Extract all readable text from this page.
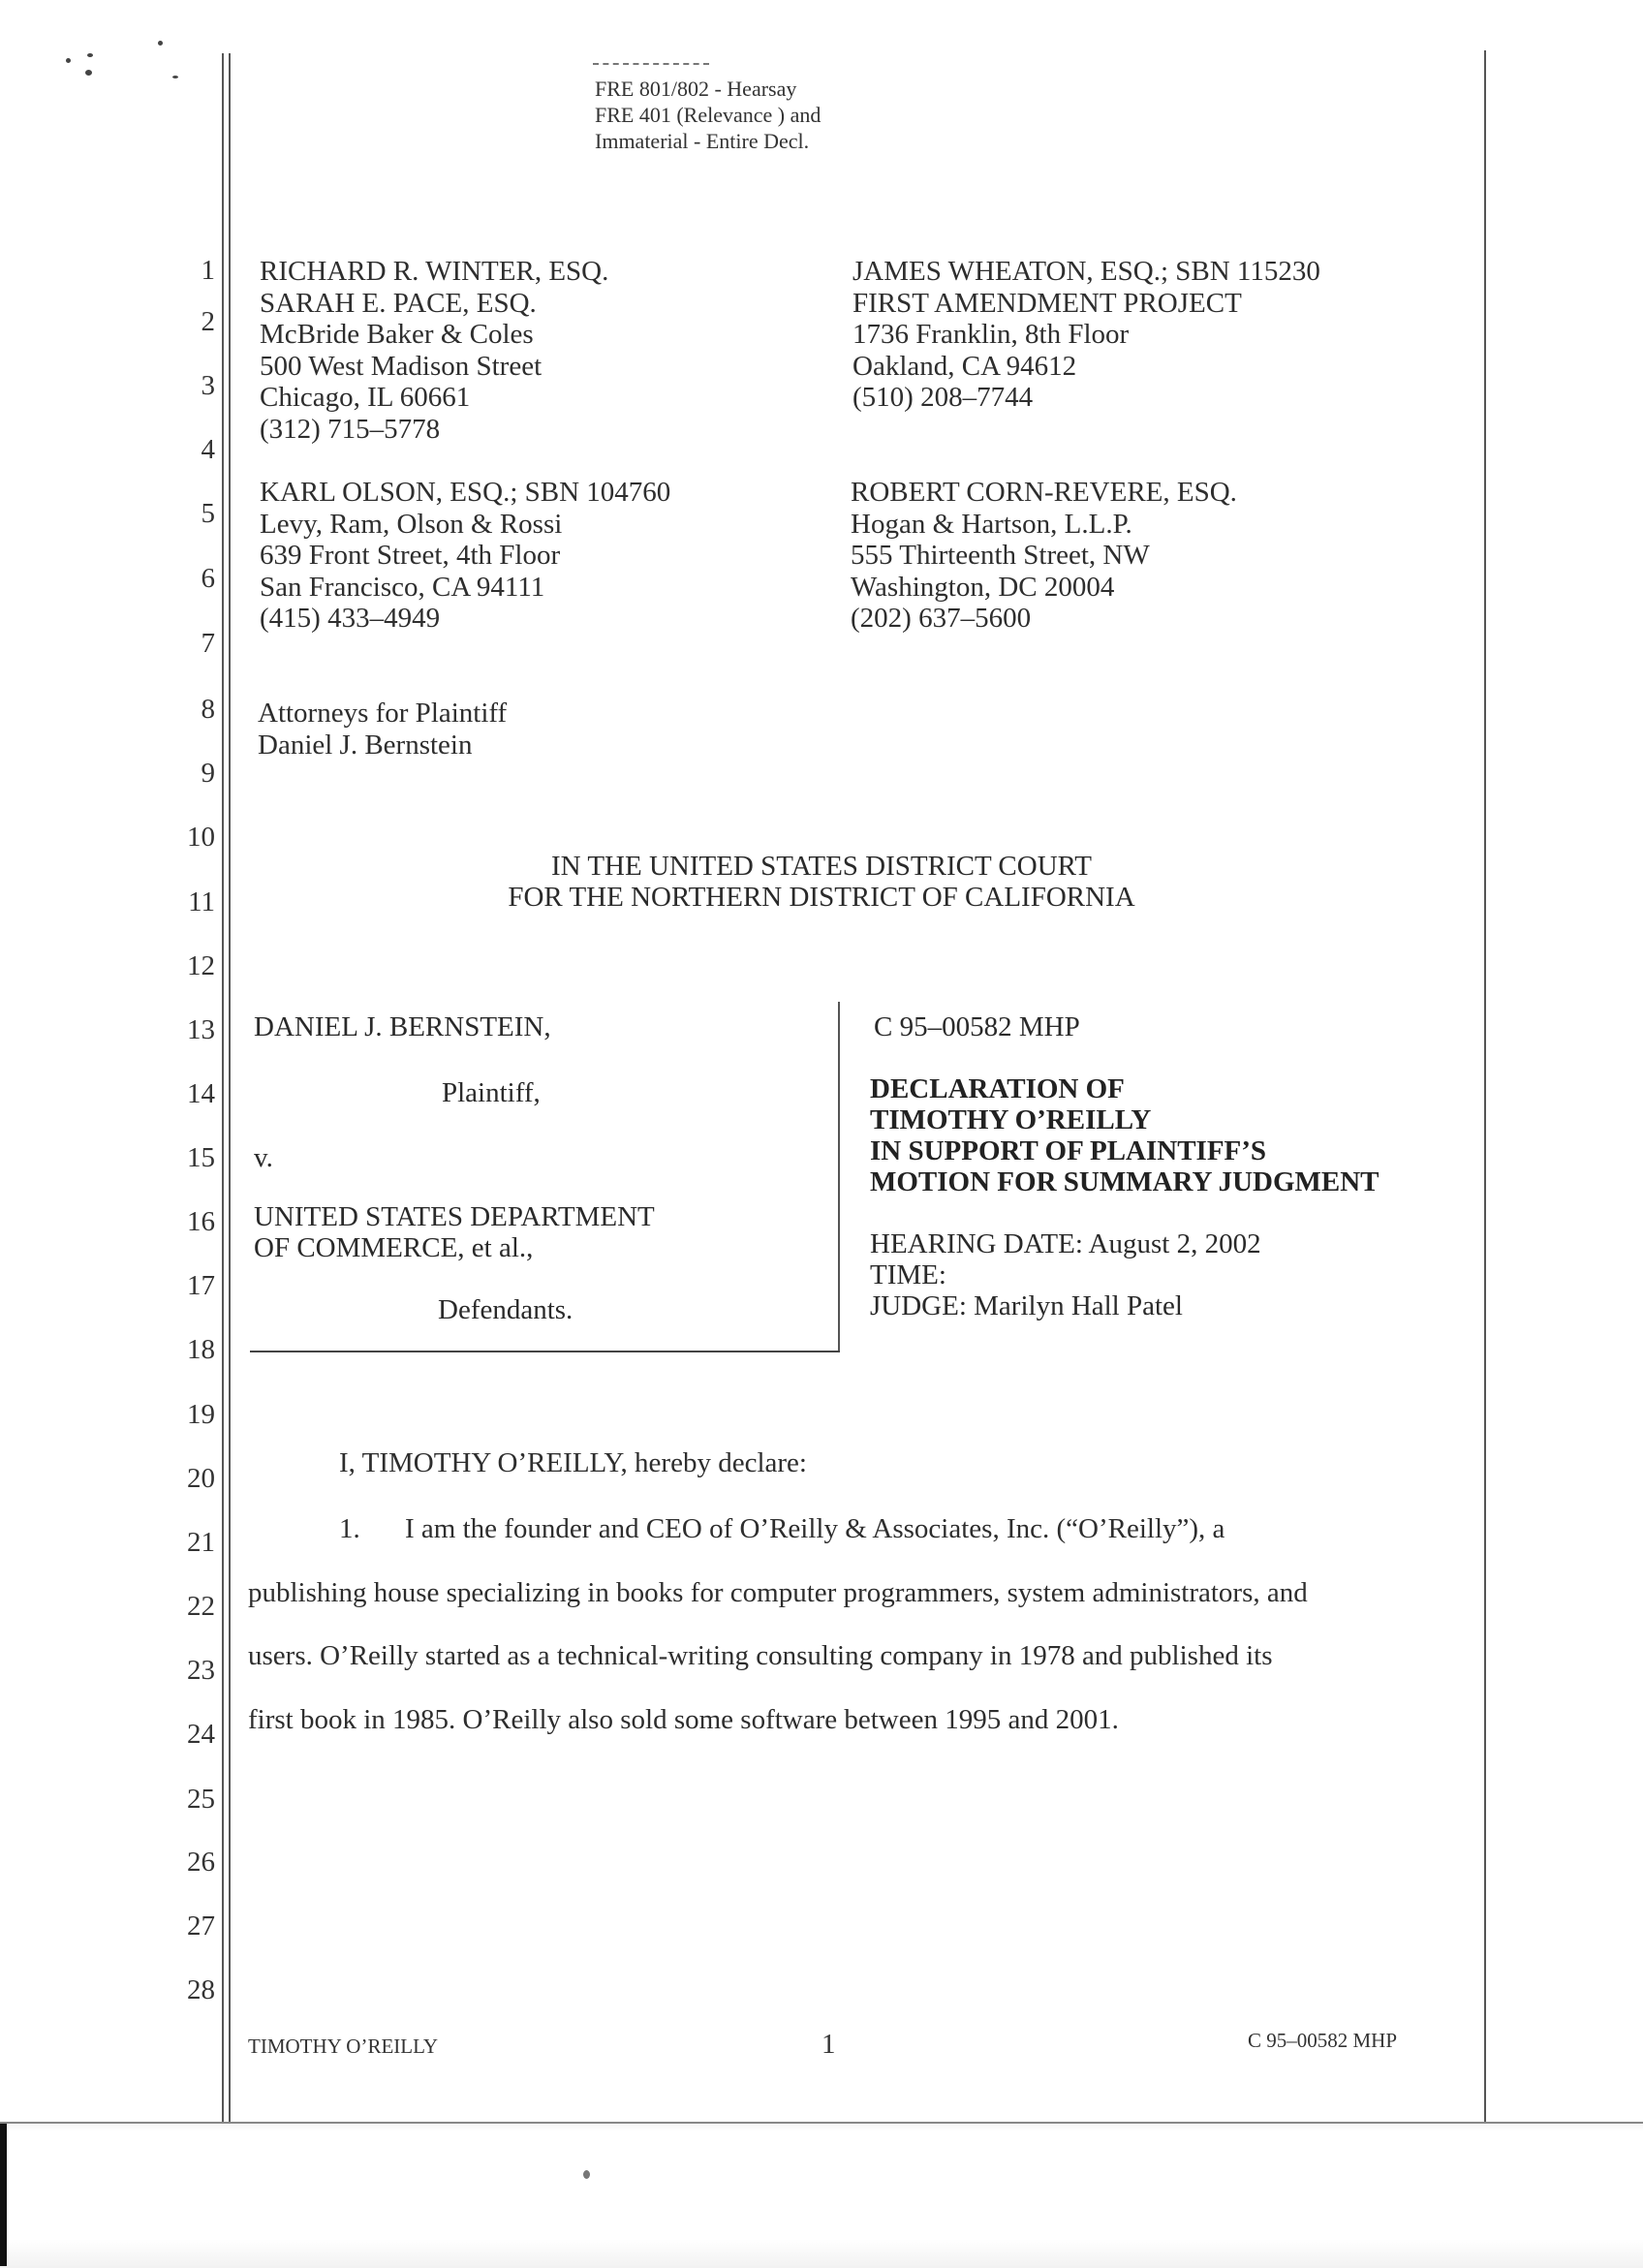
FRE 801/802 - Hearsay
FRE 401 (Relevance ) and
Immaterial - Entire Decl.
1
2
3
4
5
6
7
8
9
10
11
12
13
14
15
16
17
18
19
20
21
22
23
24
25
26
27
28
RICHARD R. WINTER, ESQ.
SARAH E. PACE, ESQ.
McBride Baker & Coles
500 West Madison Street
Chicago, IL 60661
(312) 715–5778
JAMES WHEATON, ESQ.; SBN 115230
FIRST AMENDMENT PROJECT
1736 Franklin, 8th Floor
Oakland, CA 94612
(510) 208–7744
KARL OLSON, ESQ.; SBN 104760
Levy, Ram, Olson & Rossi
639 Front Street, 4th Floor
San Francisco, CA 94111
(415) 433–4949
ROBERT CORN-REVERE, ESQ.
Hogan & Hartson, L.L.P.
555 Thirteenth Street, NW
Washington, DC 20004
(202) 637–5600
Attorneys for Plaintiff
Daniel J. Bernstein
IN THE UNITED STATES DISTRICT COURT
FOR THE NORTHERN DISTRICT OF CALIFORNIA
DANIEL J. BERNSTEIN,
Plaintiff,
v.
UNITED STATES DEPARTMENT
OF COMMERCE, et al.,
Defendants.
C 95–00582 MHP
DECLARATION OF
TIMOTHY O’REILLY
IN SUPPORT OF PLAINTIFF’S
MOTION FOR SUMMARY JUDGMENT
HEARING DATE: August 2, 2002
TIME:
JUDGE: Marilyn Hall Patel
I, TIMOTHY O’REILLY, hereby declare:
1. I am the founder and CEO of O’Reilly & Associates, Inc. (“O’Reilly”), a
publishing house specializing in books for computer programmers, system administrators, and
users. O’Reilly started as a technical-writing consulting company in 1978 and published its
first book in 1985. O’Reilly also sold some software between 1995 and 2001.
TIMOTHY O’REILLY	1	C 95–00582 MHP
